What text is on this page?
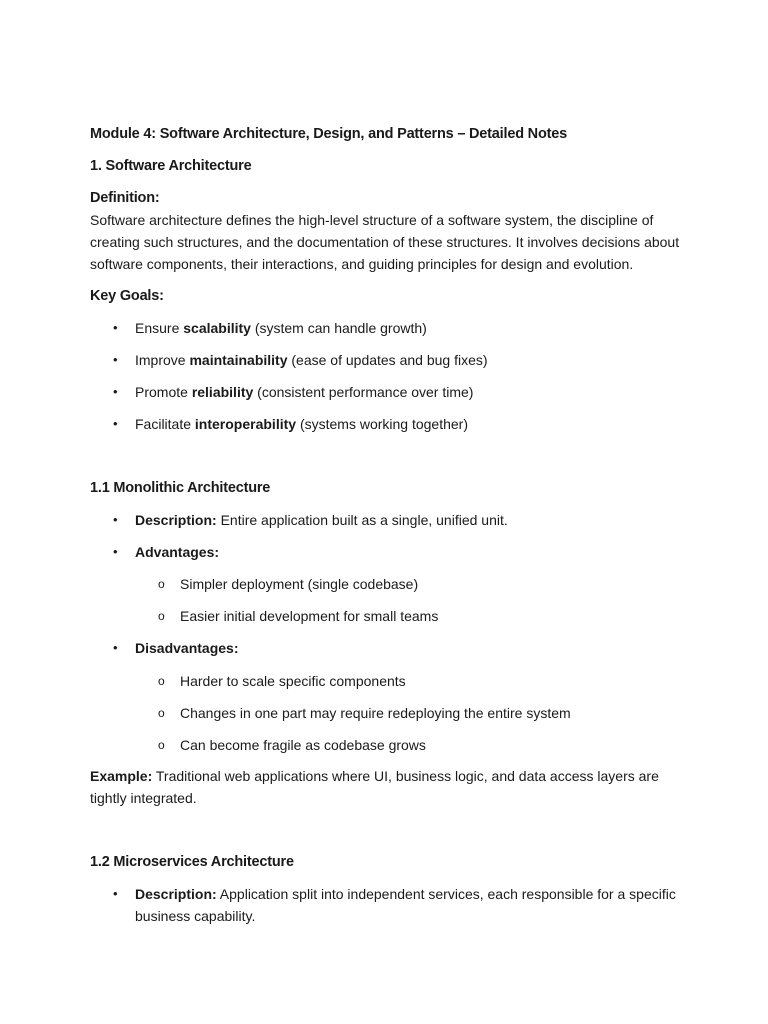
Module 4: Software Architecture, Design, and Patterns – Detailed Notes
1. Software Architecture
Definition:
Software architecture defines the high-level structure of a software system, the discipline of creating such structures, and the documentation of these structures. It involves decisions about software components, their interactions, and guiding principles for design and evolution.
Key Goals:
• Ensure scalability (system can handle growth)
• Improve maintainability (ease of updates and bug fixes)
• Promote reliability (consistent performance over time)
• Facilitate interoperability (systems working together)
1.1 Monolithic Architecture
• Description: Entire application built as a single, unified unit.
• Advantages:
o Simpler deployment (single codebase)
o Easier initial development for small teams
• Disadvantages:
o Harder to scale specific components
o Changes in one part may require redeploying the entire system
o Can become fragile as codebase grows
Example: Traditional web applications where UI, business logic, and data access layers are tightly integrated.
1.2 Microservices Architecture
• Description: Application split into independent services, each responsible for a specific
business capability.
